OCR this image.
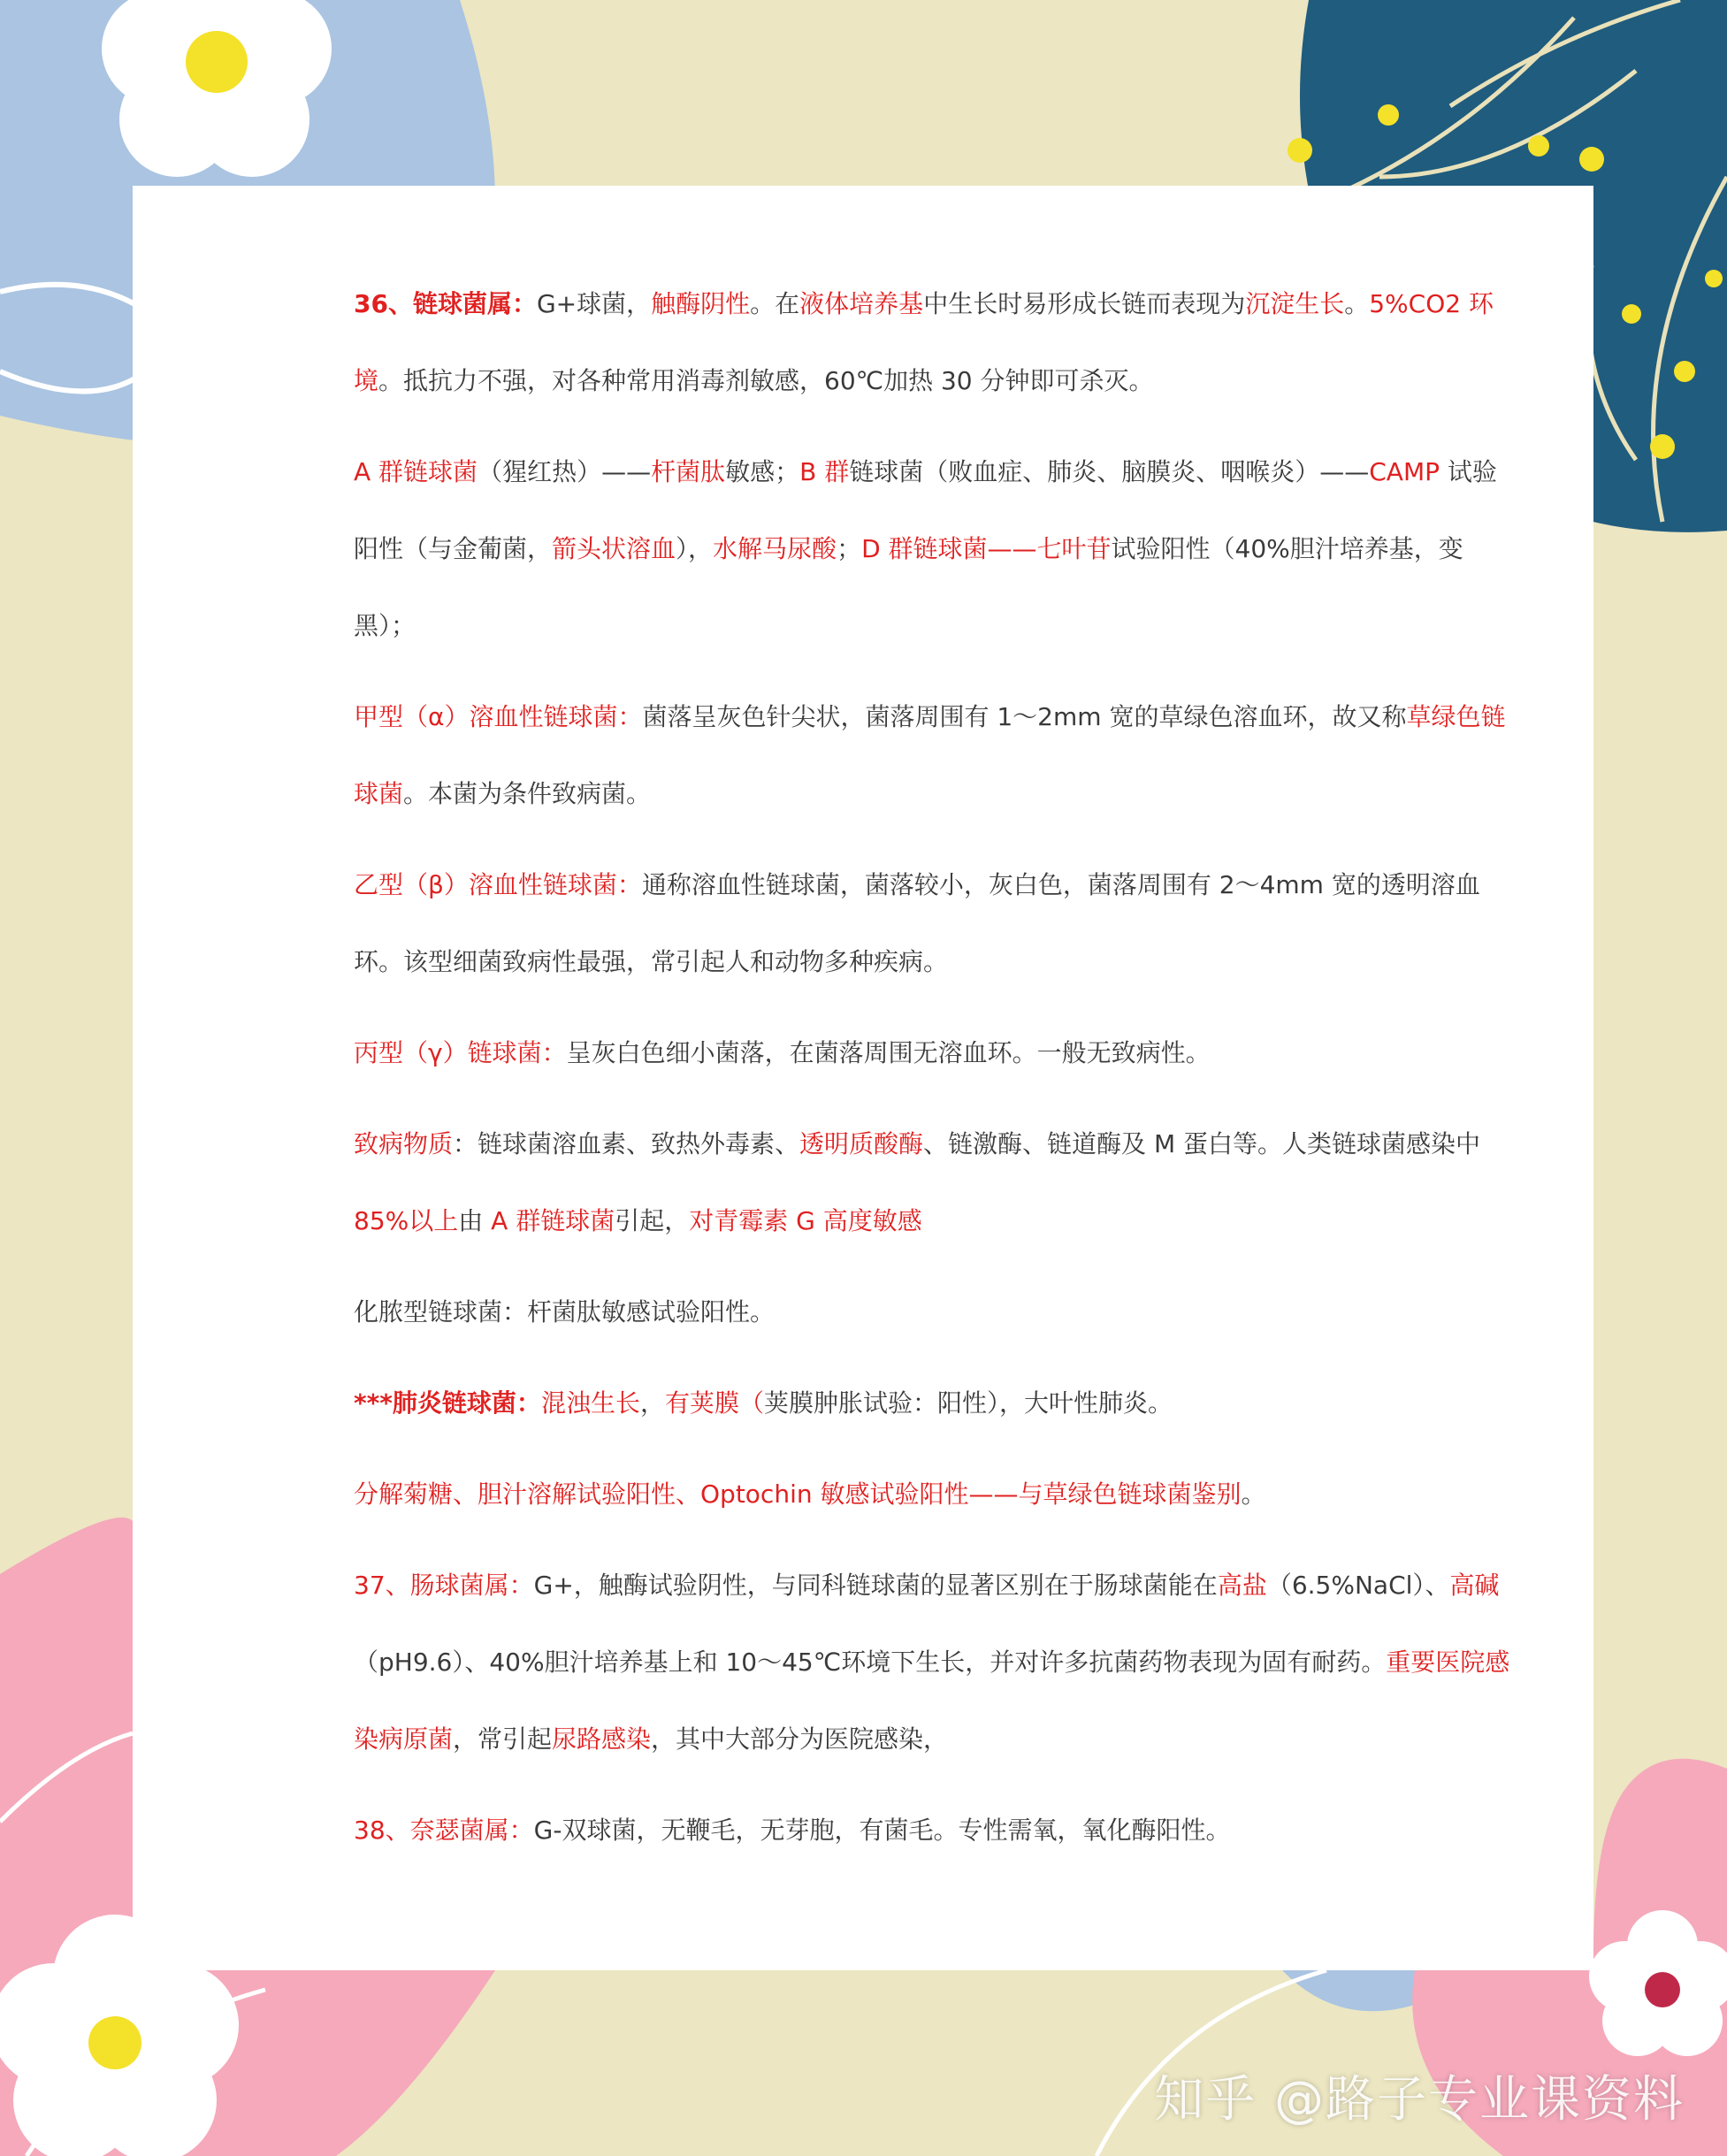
36、链球菌属：G+球菌，触酶阴性。在液体培养基中生长时易形成长链而表现为沉淀生长。5%CO2 环境。抵抗力不强，对各种常用消毒剂敏感，60℃加热 30 分钟即可杀灭。
A 群链球菌（猩红热）——杆菌肽敏感；B 群链球菌（败血症、肺炎、脑膜炎、咽喉炎）——CAMP 试验阳性（与金葡菌，箭头状溶血），水解马尿酸；D 群链球菌——七叶苷试验阳性（40%胆汁培养基，变黑）；
甲型（α）溶血性链球菌：菌落呈灰色针尖状，菌落周围有 1～2mm 宽的草绿色溶血环，故又称草绿色链球菌。本菌为条件致病菌。
乙型（β）溶血性链球菌：通称溶血性链球菌，菌落较小，灰白色，菌落周围有 2～4mm 宽的透明溶血环。该型细菌致病性最强，常引起人和动物多种疾病。
丙型（γ）链球菌：呈灰白色细小菌落，在菌落周围无溶血环。一般无致病性。
致病物质：链球菌溶血素、致热外毒素、透明质酸酶、链激酶、链道酶及 M 蛋白等。人类链球菌感染中 85%以上由 A 群链球菌引起，对青霉素 G 高度敏感
化脓型链球菌：杆菌肽敏感试验阳性。
***肺炎链球菌：混浊生长，有荚膜（荚膜肿胀试验：阳性），大叶性肺炎。
分解菊糖、胆汁溶解试验阳性、Optochin 敏感试验阳性——与草绿色链球菌鉴别。
37、肠球菌属：G+，触酶试验阴性，与同科链球菌的显著区别在于肠球菌能在高盐（6.5%NaCl）、高碱（pH9.6）、40%胆汁培养基上和 10～45℃环境下生长，并对许多抗菌药物表现为固有耐药。重要医院感染病原菌，常引起尿路感染，其中大部分为医院感染，
38、奈瑟菌属：G-双球菌，无鞭毛，无芽胞，有菌毛。专性需氧，氧化酶阳性。
知乎 @路子专业课资料
